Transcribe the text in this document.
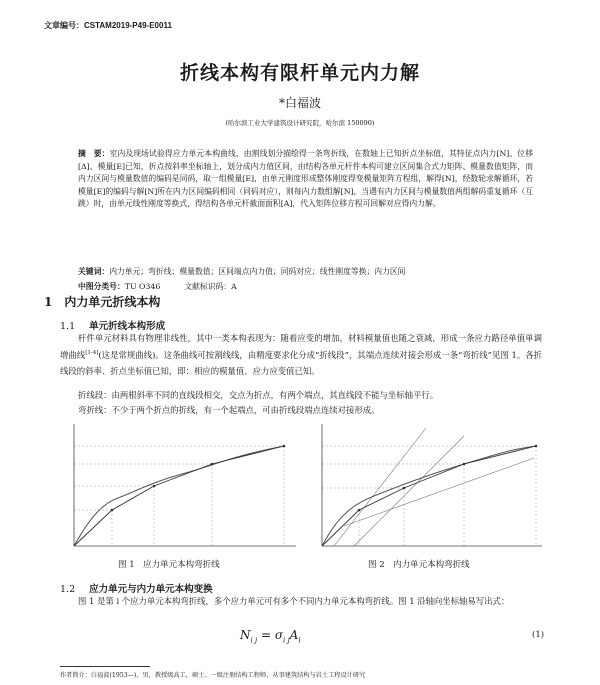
文章编号：CSTAM2019-P49-E0011
折线本构有限杆单元内力解
*白福波
(哈尔滨工业大学建筑设计研究院，哈尔滨 150090)
摘　要：室内及现场试验得应力单元本构曲线，由割线划分描绘得一条弯折线，在数轴上已知折点坐标值，其特征点内力[N]、位移[Δ]、模量[E]已知，折点按斜率坐标轴上，划分成内力值区间，由结构各单元杆件本构可建立区间集合式力矩阵、模量数值矩阵，而内力区间与模量数值的编码是同码，取一组模量[E]，由单元刚度形成整体刚度得变模量矩阵方程组，解得[N]，经数轮求解循环，若模量[E]的编码与解[N]所在内力区间编码相同（同码对应），则每内力数组解[N]，当遇有内力区间与模量数值两组解码重复循环（互跳）时，由单元线性刚度等换式，得结构各单元杆截面面积[A]，代入矩阵位移方程可回解对应得内力解。
关键词：内力单元；弯折线；模量数值；区间端点内力值；同码对应；线性刚度等换；内力区间
中图分类号：TU O346	文献标识码：A
1 内力单元折线本构
1.1 单元折线本构形成
杆件单元材料具有物理非线性，其中一类本构表现为：随着应变的增加，材料模量值也随之衰减，形成一条应力路径单值单调增曲线[1-4](这是常规曲线)。这条曲线可按割线线，由精度要求化分成“折线段”，其端点连续对接会形成一条“弯折线”见图 1。各折线段的斜率、折点坐标值已知，即：相应的模量值、应力应变值已知。
折线段：由两根斜率不同的直线段相交，交点为折点，有两个端点，其直线段不能与坐标轴平行。
弯折线：不少于两个折点的折线，有一个起端点，可由折线段端点连续对接形成。
图 1　应力单元本构弯折线	图 2　内力单元本构弯折线
1.2 应力单元与内力单元本构变换
图 1 是第 i 个应力单元本构弯折线，多个应力单元可有多个不同内力单元本构弯折线。图 1 沿轴向坐标轴易写出式：
$N_{i j} = \sigma_{i j}A_i$
(1)
作者简介：白福波(1953—)，男，教授级高工，硕士。一级注册结构工程师，从事建筑结构与岩土工程设计研究
